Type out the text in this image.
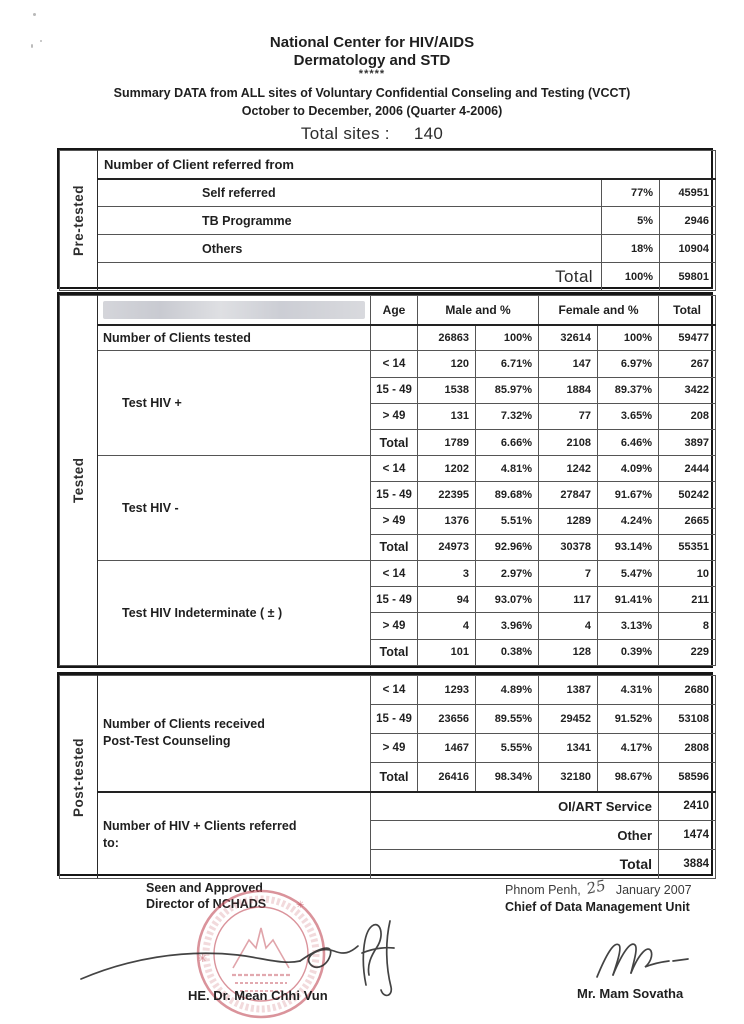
National Center for HIV/AIDS
Dermatology and STD
*****
Summary DATA from ALL sites of Voluntary Confidential Conseling and Testing (VCCT)
October to December, 2006 (Quarter 4-2006)
Total sites : 140
Pre-tested	Number of Client referred from		
	Self referred	77%	45951
	TB Programme	5%	2946
	Others	18%	10904
	Total	100%	59801
Tested		Age	Male and %		Female and %		Total
	Number of Clients tested		26863	100%	32614	100%	59477
	Test HIV +	< 14	120	6.71%	147	6.97%	267
		15 - 49	1538	85.97%	1884	89.37%	3422
		> 49	131	7.32%	77	3.65%	208
		Total	1789	6.66%	2108	6.46%	3897
	Test HIV -	< 14	1202	4.81%	1242	4.09%	2444
		15 - 49	22395	89.68%	27847	91.67%	50242
		> 49	1376	5.51%	1289	4.24%	2665
		Total	24973	92.96%	30378	93.14%	55351
	Test HIV Indeterminate ( ± )	< 14	3	2.97%	7	5.47%	10
		15 - 49	94	93.07%	117	91.41%	211
		> 49	4	3.96%	4	3.13%	8
		Total	101	0.38%	128	0.39%	229
Post-tested	Number of Clients received
Post-Test Counseling	< 14	1293	4.89%	1387	4.31%	2680
		15 - 49	23656	89.55%	29452	91.52%	53108
		> 49	1467	5.55%	1341	4.17%	2808
		Total	26416	98.34%	32180	98.67%	58596

	Number of HIV + Clients referred
to:	OI/ART Service					2410
		Other					1474
		Total					3884
Seen and Approved
Director of NCHADS
Phnom Penh, 25 January 2007
Chief of Data Management Unit
✳
✳
HE. Dr. Mean Chhi Vun	Mr. Mam Sovatha
